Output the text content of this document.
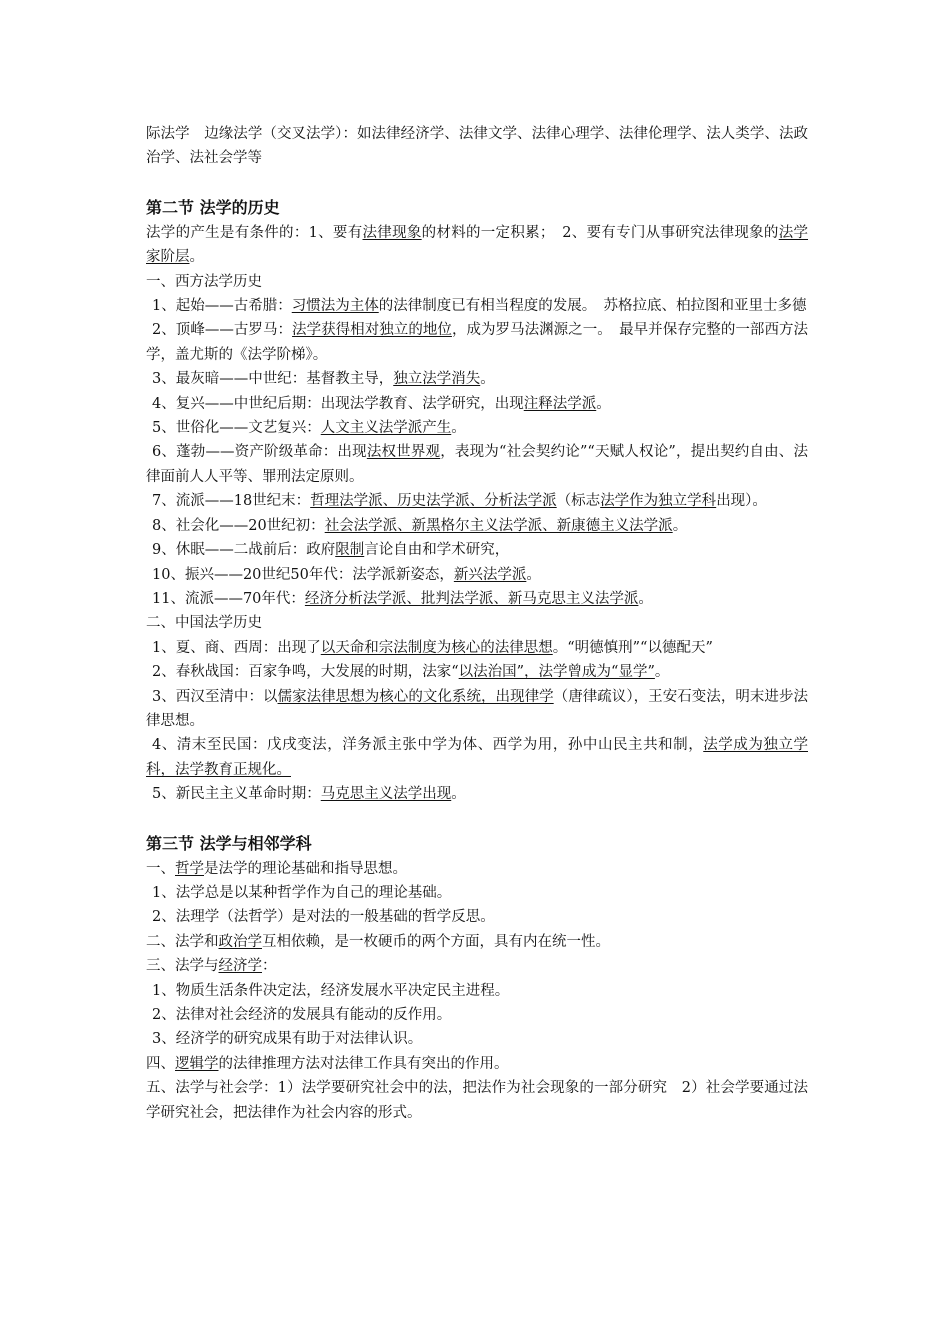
际法学　边缘法学（交叉法学）：如法律经济学、法律文学、法律心理学、法律伦理学、法人类学、法政治学、法社会学等

第二节 法学的历史

法学的产生是有条件的：1、要有法律现象的材料的一定积累；　2、要有专门从事研究法律现象的法学家阶层。

一、西方法学历史

1、起始——古希腊：习惯法为主体的法律制度已有相当程度的发展。　苏格拉底、柏拉图和亚里士多德

2、顶峰——古罗马：法学获得相对独立的地位，成为罗马法渊源之一。　最早并保存完整的一部西方法学，盖尤斯的《法学阶梯》。

3、最灰暗——中世纪：基督教主导，独立法学消失。

4、复兴——中世纪后期：出现法学教育、法学研究，出现注释法学派。

5、世俗化——文艺复兴：人文主义法学派产生。

6、蓬勃——资产阶级革命：出现法权世界观，表现为“社会契约论”“天赋人权论”，提出契约自由、法律面前人人平等、罪刑法定原则。

7、流派——18世纪末：哲理法学派、历史法学派、分析法学派（标志法学作为独立学科出现）。

8、社会化——20世纪初：社会法学派、新黑格尔主义法学派、新康德主义法学派。

9、休眠——二战前后：政府限制言论自由和学术研究，

10、振兴——20世纪50年代：法学派新姿态，新兴法学派。

11、流派——70年代：经济分析法学派、批判法学派、新马克思主义法学派。

二、中国法学历史

1、夏、商、西周：出现了以天命和宗法制度为核心的法律思想。“明德慎刑”“以德配天”

2、春秋战国：百家争鸣，大发展的时期，法家“以法治国”，法学曾成为“显学”。

3、西汉至清中：以儒家法律思想为核心的文化系统，出现律学（唐律疏议），王安石变法，明末进步法律思想。

4、清末至民国：戊戌变法，洋务派主张中学为体、西学为用，孙中山民主共和制，法学成为独立学科，法学教育正规化。

5、新民主主义革命时期：马克思主义法学出现。

第三节 法学与相邻学科

一、哲学是法学的理论基础和指导思想。

1、法学总是以某种哲学作为自己的理论基础。

2、法理学（法哲学）是对法的一般基础的哲学反思。

二、法学和政治学互相依赖，是一枚硬币的两个方面，具有内在统一性。

三、法学与经济学：

1、物质生活条件决定法，经济发展水平决定民主进程。

2、法律对社会经济的发展具有能动的反作用。

3、经济学的研究成果有助于对法律认识。

四、逻辑学的法律推理方法对法律工作具有突出的作用。

五、法学与社会学：1）法学要研究社会中的法，把法作为社会现象的一部分研究　2）社会学要通过法学研究社会，把法律作为社会内容的形式。
